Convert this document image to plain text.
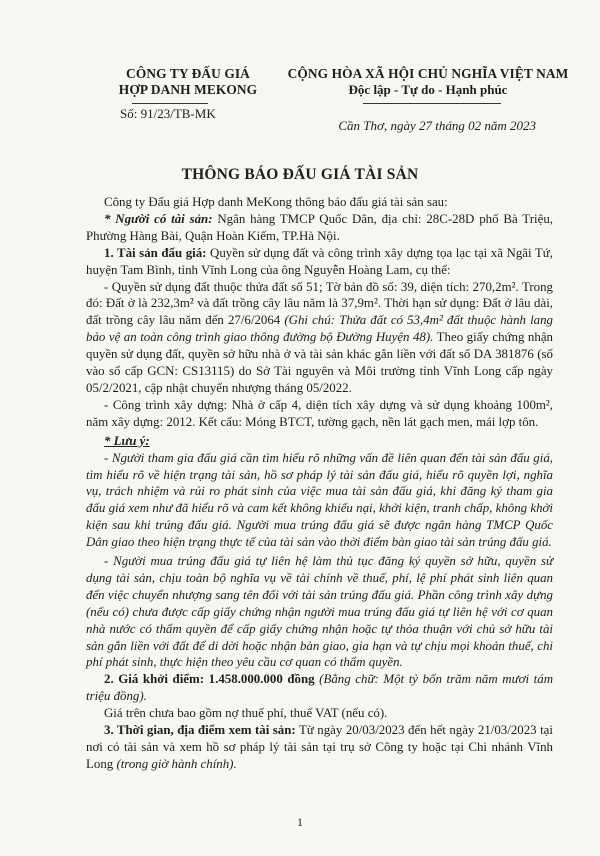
CÔNG TY ĐẤU GIÁ
HỢP DANH MEKONG
Số: 91/23/TB-MK
CỘNG HÒA XÃ HỘI CHỦ NGHĨA VIỆT NAM
Độc lập - Tự do - Hạnh phúc
Cần Thơ, ngày 27 tháng 02 năm 2023
THÔNG BÁO ĐẤU GIÁ TÀI SẢN

Công ty Đấu giá Hợp danh MeKong thông báo đấu giá tài sản sau:

* Người có tài sản: Ngân hàng TMCP Quốc Dân, địa chỉ: 28C-28D phố Bà Triệu, Phường Hàng Bài, Quận Hoàn Kiếm, TP.Hà Nội.

1. Tài sản đấu giá: Quyền sử dụng đất và công trình xây dựng tọa lạc tại xã Ngãi Tứ, huyện Tam Bình, tỉnh Vĩnh Long của ông Nguyễn Hoàng Lam, cụ thể:

- Quyền sử dụng đất thuộc thửa đất số 51; Tờ bản đồ số: 39, diện tích: 270,2m². Trong đó: Đất ở là 232,3m² và đất trồng cây lâu năm là 37,9m². Thời hạn sử dụng: Đất ở lâu dài, đất trồng cây lâu năm đến 27/6/2064 (Ghi chú: Thửa đất có 53,4m² đất thuộc hành lang bảo vệ an toàn công trình giao thông đường bộ Đường Huyện 48). Theo giấy chứng nhận quyền sử dụng đất, quyền sở hữu nhà ở và tài sản khác gắn liền với đất số DA 381876 (số vào sổ cấp GCN: CS13115) do Sở Tài nguyên và Môi trường tỉnh Vĩnh Long cấp ngày 05/2/2021, cập nhật chuyển nhượng tháng 05/2022.

- Công trình xây dựng: Nhà ở cấp 4, diện tích xây dựng và sử dụng khoảng 100m², năm xây dựng: 2012. Kết cấu: Móng BTCT, tường gạch, nền lát gạch men, mái lợp tôn.

* Lưu ý:

- Người tham gia đấu giá cần tìm hiểu rõ những vấn đề liên quan đến tài sản đấu giá, tìm hiểu rõ về hiện trạng tài sản, hồ sơ pháp lý tài sản đấu giá, hiểu rõ quyền lợi, nghĩa vụ, trách nhiệm và rủi ro phát sinh của việc mua tài sản đấu giá, khi đăng ký tham gia đấu giá xem như đã hiểu rõ và cam kết không khiếu nại, khởi kiện, tranh chấp, không khởi kiện sau khi trúng đấu giá. Người mua trúng đấu giá sẽ được ngân hàng TMCP Quốc Dân giao theo hiện trạng thực tế của tài sản vào thời điểm bàn giao tài sản trúng đấu giá.

- Người mua trúng đấu giá tự liên hệ làm thủ tục đăng ký quyền sở hữu, quyền sử dụng tài sản, chịu toàn bộ nghĩa vụ về tài chính về thuế, phí, lệ phí phát sinh liên quan đến việc chuyển nhượng sang tên đối với tài sản trúng đấu giá. Phần công trình xây dựng (nếu có) chưa được cấp giấy chứng nhận người mua trúng đấu giá tự liên hệ với cơ quan nhà nước có thẩm quyền để cấp giấy chứng nhận hoặc tự thỏa thuận với chủ sở hữu tài sản gắn liền với đất để di dời hoặc nhận bàn giao, gia hạn và tự chịu mọi khoản thuế, chi phí phát sinh, thực hiện theo yêu cầu cơ quan có thẩm quyền.

2. Giá khởi điểm: 1.458.000.000 đồng (Bằng chữ: Một tỷ bốn trăm năm mươi tám triệu đồng).

Giá trên chưa bao gồm nợ thuế phí, thuế VAT (nếu có).

3. Thời gian, địa điểm xem tài sản: Từ ngày 20/03/2023 đến hết ngày 21/03/2023 tại nơi có tài sản và xem hồ sơ pháp lý tài sản tại trụ sở Công ty hoặc tại Chi nhánh Vĩnh Long (trong giờ hành chính).

1
